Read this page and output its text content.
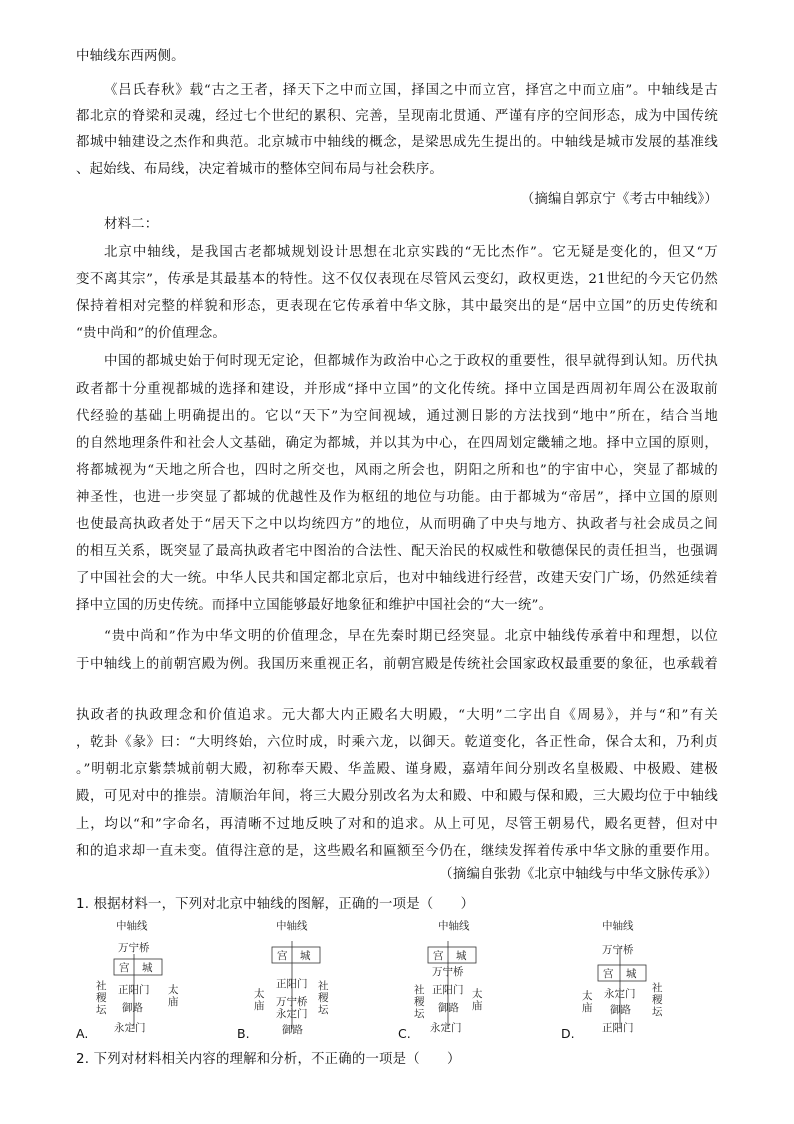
中轴线东西两侧。
《吕氏春秋》载“古之王者，择天下之中而立国，择国之中而立宫，择宫之中而立庙”。中轴线是古
都北京的脊梁和灵魂，经过七个世纪的累积、完善，呈现南北贯通、严谨有序的空间形态，成为中国传统
都城中轴建设之杰作和典范。北京城市中轴线的概念，是梁思成先生提出的。中轴线是城市发展的基准线
、起始线、布局线，决定着城市的整体空间布局与社会秩序。
（摘编自郭京宁《考古中轴线》）
材料二：
北京中轴线，是我国古老都城规划设计思想在北京实践的“无比杰作”。它无疑是变化的，但又“万
变不离其宗”，传承是其最基本的特性。这不仅仅表现在尽管风云变幻，政权更迭，21世纪的今天它仍然
保持着相对完整的样貌和形态，更表现在它传承着中华文脉，其中最突出的是“居中立国”的历史传统和
“贵中尚和”的价值理念。
中国的都城史始于何时现无定论，但都城作为政治中心之于政权的重要性，很早就得到认知。历代执
政者都十分重视都城的选择和建设，并形成“择中立国”的文化传统。择中立国是西周初年周公在汲取前
代经验的基础上明确提出的。它以“天下”为空间视域，通过测日影的方法找到“地中”所在，结合当地
的自然地理条件和社会人文基础，确定为都城，并以其为中心，在四周划定畿辅之地。择中立国的原则，
将都城视为“天地之所合也，四时之所交也，风雨之所会也，阴阳之所和也”的宇宙中心，突显了都城的
神圣性，也进一步突显了都城的优越性及作为枢纽的地位与功能。由于都城为“帝居”，择中立国的原则
也使最高执政者处于“居天下之中以均统四方”的地位，从而明确了中央与地方、执政者与社会成员之间
的相互关系，既突显了最高执政者宅中图治的合法性、配天治民的权威性和敬德保民的责任担当，也强调
了中国社会的大一统。中华人民共和国定都北京后，也对中轴线进行经营，改建天安门广场，仍然延续着
择中立国的历史传统。而择中立国能够最好地象征和维护中国社会的“大一统”。
“贵中尚和”作为中华文明的价值理念，早在先秦时期已经突显。北京中轴线传承着中和理想，以位
于中轴线上的前朝宫殿为例。我国历来重视正名，前朝宫殿是传统社会国家政权最重要的象征，也承载着
执政者的执政理念和价值追求。元大都大内正殿名大明殿，“大明”二字出自《周易》，并与“和”有关
，乾卦《彖》曰：“大明终始，六位时成，时乘六龙，以御天。乾道变化，各正性命，保合太和，乃利贞
。”明朝北京紫禁城前朝大殿，初称奉天殿、华盖殿、谨身殿，嘉靖年间分别改名皇极殿、中极殿、建极
殿，可见对中的推崇。清顺治年间，将三大殿分别改名为太和殿、中和殿与保和殿，三大殿均位于中轴线
上，均以“和”字命名，再清晰不过地反映了对和的追求。从上可见，尽管王朝易代，殿名更替，但对中
和的追求却一直未变。值得注意的是，这些殿名和匾额至今仍在，继续发挥着传承中华文脉的重要作用。
（摘编自张勃《北京中轴线与中华文脉传承》）
1. 根据材料一，下列对北京中轴线的图解，正确的一项是（　　）
中轴线
万宁桥
宫 城
正阳门
御路
永定门
社
稷
坛
太
庙
A.
中轴线
宫 城
正阳门
万宁桥
永定门
御路
太
庙
社
稷
坛
B.
中轴线
宫 城
万宁桥
正阳门
御路
永定门
社
稷
坛
太
庙
C.
中轴线
万宁桥
宫 城
永定门
御路
正阳门
太
庙
社
稷
坛
D.
2. 下列对材料相关内容的理解和分析，不正确的一项是（　　）
